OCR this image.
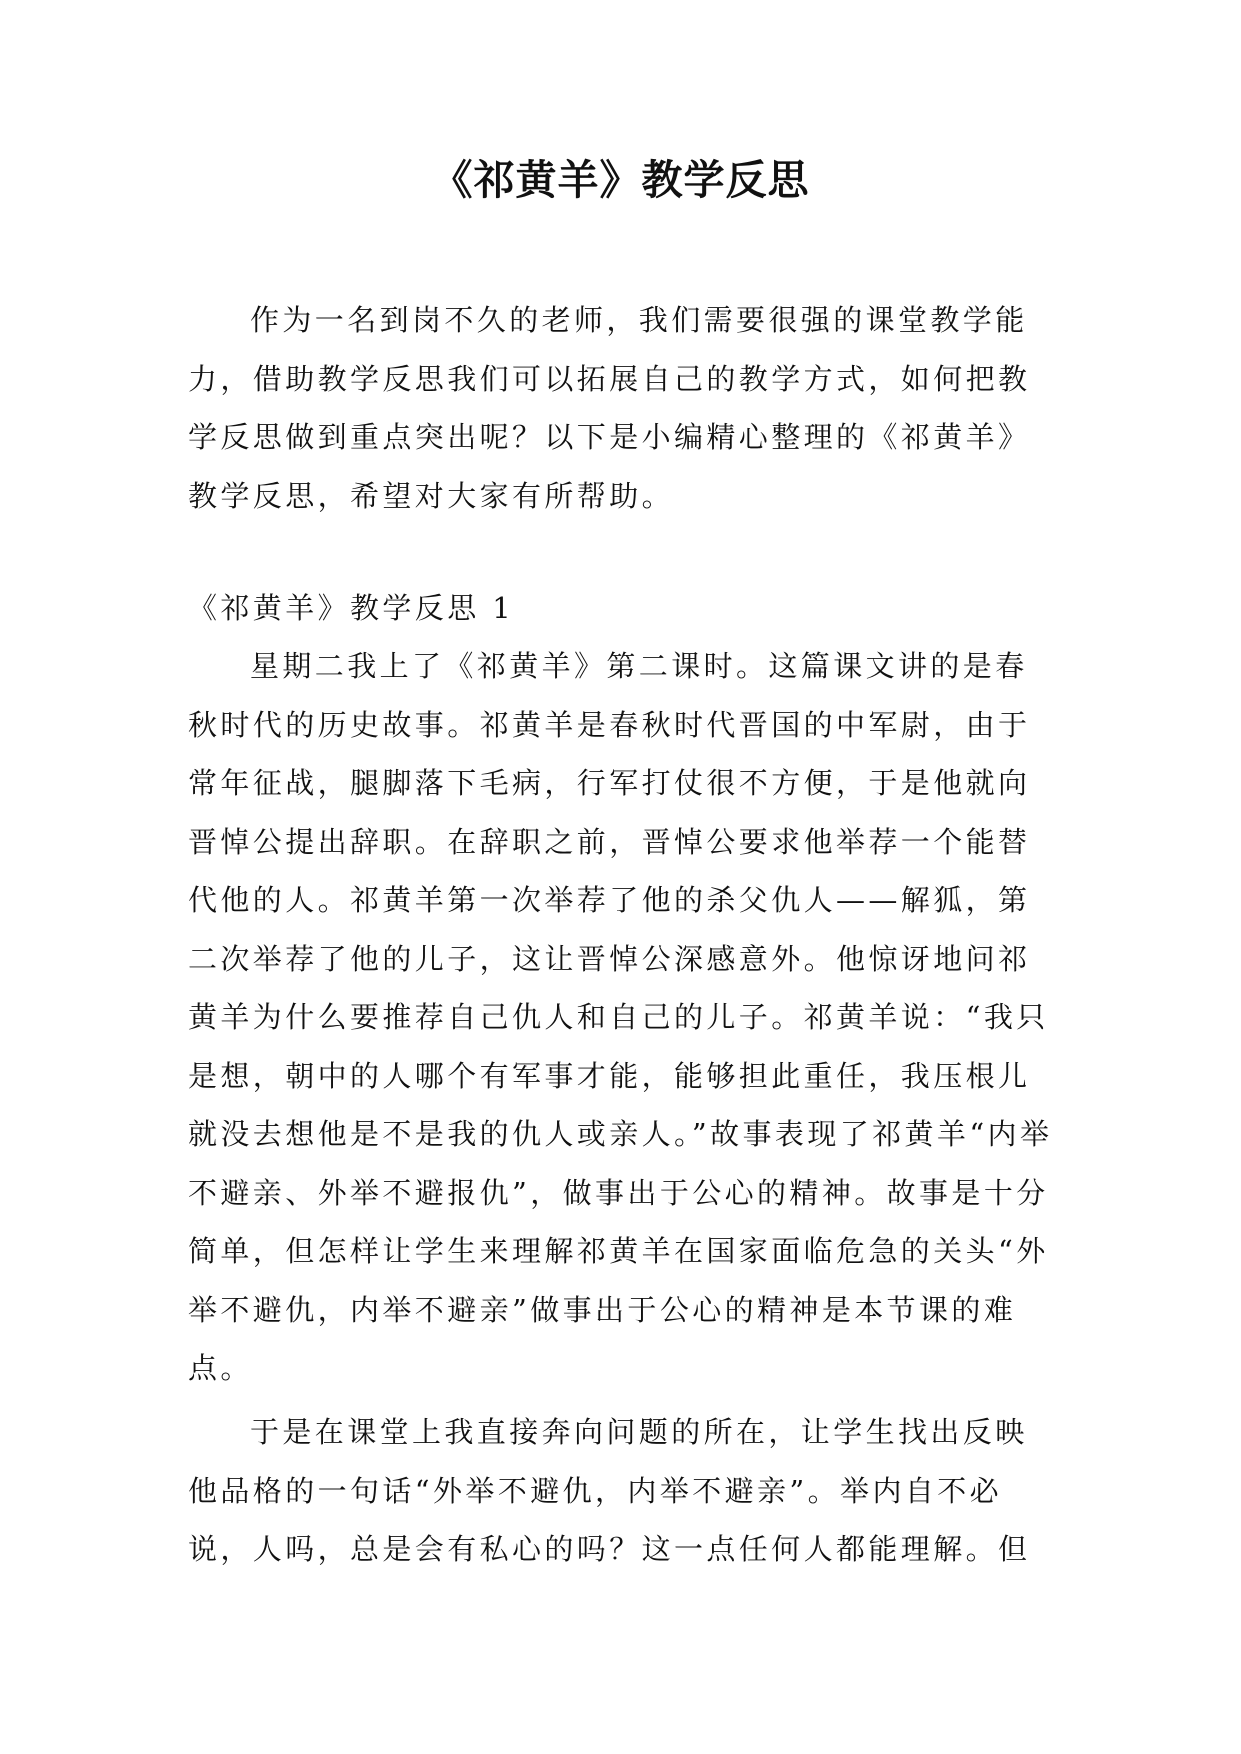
《祁黄羊》教学反思

作为一名到岗不久的老师，我们需要很强的课堂教学能力，借助教学反思我们可以拓展自己的教学方式，如何把教学反思做到重点突出呢？以下是小编精心整理的《祁黄羊》教学反思，希望对大家有所帮助。

《祁黄羊》教学反思 1

星期二我上了《祁黄羊》第二课时。这篇课文讲的是春秋时代的历史故事。祁黄羊是春秋时代晋国的中军尉，由于常年征战，腿脚落下毛病，行军打仗很不方便，于是他就向晋悼公提出辞职。在辞职之前，晋悼公要求他举荐一个能替代他的人。祁黄羊第一次举荐了他的杀父仇人——解狐，第二次举荐了他的儿子，这让晋悼公深感意外。他惊讶地问祁黄羊为什么要推荐自己仇人和自己的儿子。祁黄羊说：“我只是想，朝中的人哪个有军事才能，能够担此重任，我压根儿就没去想他是不是我的仇人或亲人。”故事表现了祁黄羊“内举不避亲、外举不避报仇”，做事出于公心的精神。故事是十分简单，但怎样让学生来理解祁黄羊在国家面临危急的关头“外举不避仇，内举不避亲”做事出于公心的精神是本节课的难点。

于是在课堂上我直接奔向问题的所在，让学生找出反映他品格的一句话“外举不避仇，内举不避亲”。举内自不必说，人吗，总是会有私心的吗？这一点任何人都能理解。但
